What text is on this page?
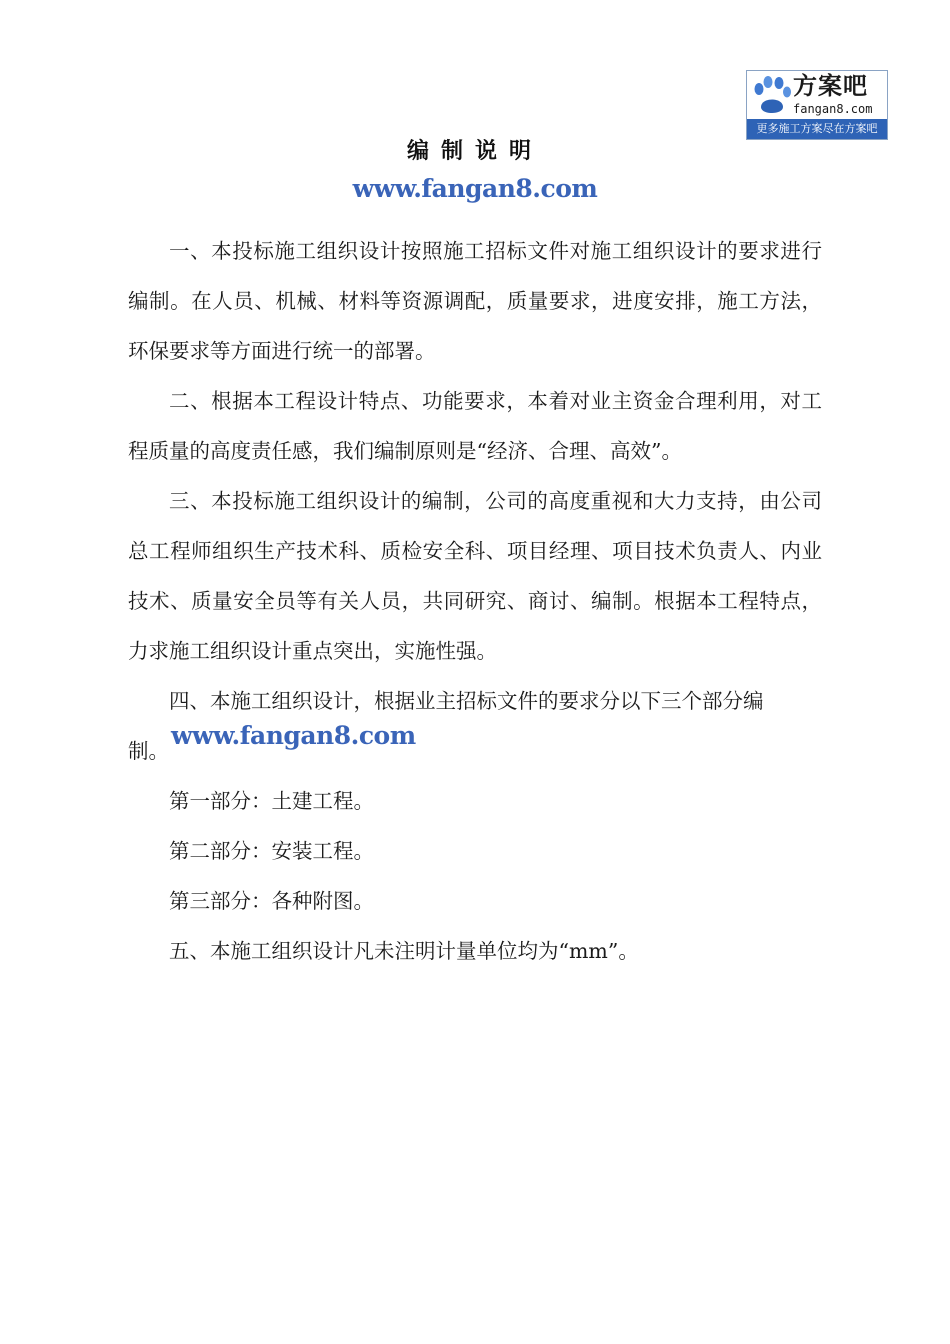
方案吧
fangan8.com
更多施工方案尽在方案吧
编制说明
www.fangan8.com

一、本投标施工组织设计按照施工招标文件对施工组织设计的要求进行编制。在人员、机械、材料等资源调配，质量要求，进度安排，施工方法，环保要求等方面进行统一的部署。

二、根据本工程设计特点、功能要求，本着对业主资金合理利用，对工程质量的高度责任感，我们编制原则是“经济、合理、高效”。

三、本投标施工组织设计的编制，公司的高度重视和大力支持，由公司总工程师组织生产技术科、质检安全科、项目经理、项目技术负责人、内业技术、质量安全员等有关人员，共同研究、商讨、编制。根据本工程特点，力求施工组织设计重点突出，实施性强。

四、本施工组织设计，根据业主招标文件的要求分以下三个部分编

制。
www.fangan8.com

第一部分：土建工程。

第二部分：安装工程。

第三部分：各种附图。

五、本施工组织设计凡未注明计量单位均为“mm”。
